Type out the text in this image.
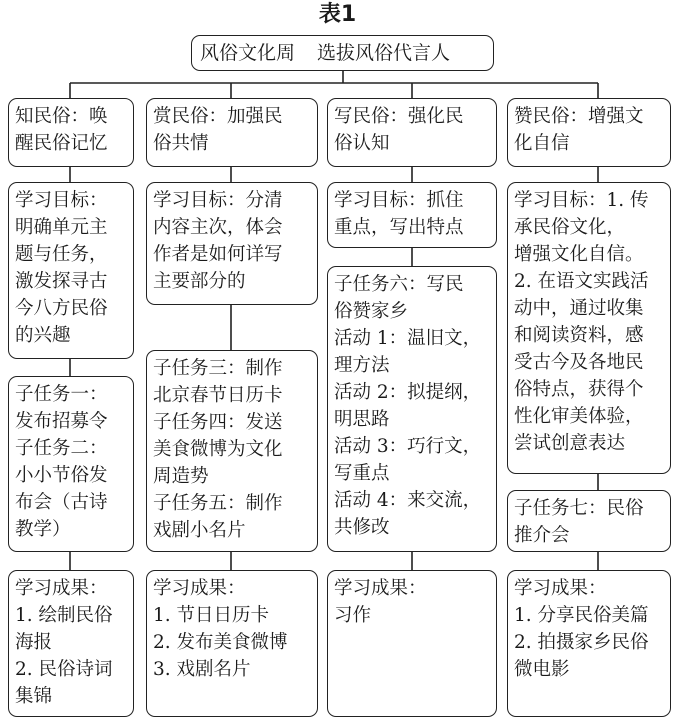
表1
风俗文化周 选拔风俗代言人
知民俗：唤
醒民俗记忆
学习目标：
明确单元主
题与任务，
激发探寻古
今八方民俗
的兴趣
子任务一：
发布招募令
子任务二：
小小节俗发
布会（古诗
教学）
学习成果：
1. 绘制民俗
海报
2. 民俗诗词
集锦
赏民俗：加强民
俗共情
学习目标：分清
内容主次，体会
作者是如何详写
主要部分的
子任务三：制作
北京春节日历卡
子任务四：发送
美食微博为文化
周造势
子任务五：制作
戏剧小名片
学习成果：
1. 节日日历卡
2. 发布美食微博
3. 戏剧名片
写民俗：强化民
俗认知
学习目标：抓住
重点，写出特点
子任务六：写民
俗赞家乡
活动 1：温旧文，
理方法
活动 2：拟提纲，
明思路
活动 3：巧行文，
写重点
活动 4：来交流，
共修改
学习成果：
习作
赞民俗：增强文
化自信
学习目标：1. 传
承民俗文化，
增强文化自信。
2. 在语文实践活
动中，通过收集
和阅读资料，感
受古今及各地民
俗特点，获得个
性化审美体验，
尝试创意表达
子任务七：民俗
推介会
学习成果：
1. 分享民俗美篇
2. 拍摄家乡民俗
微电影
